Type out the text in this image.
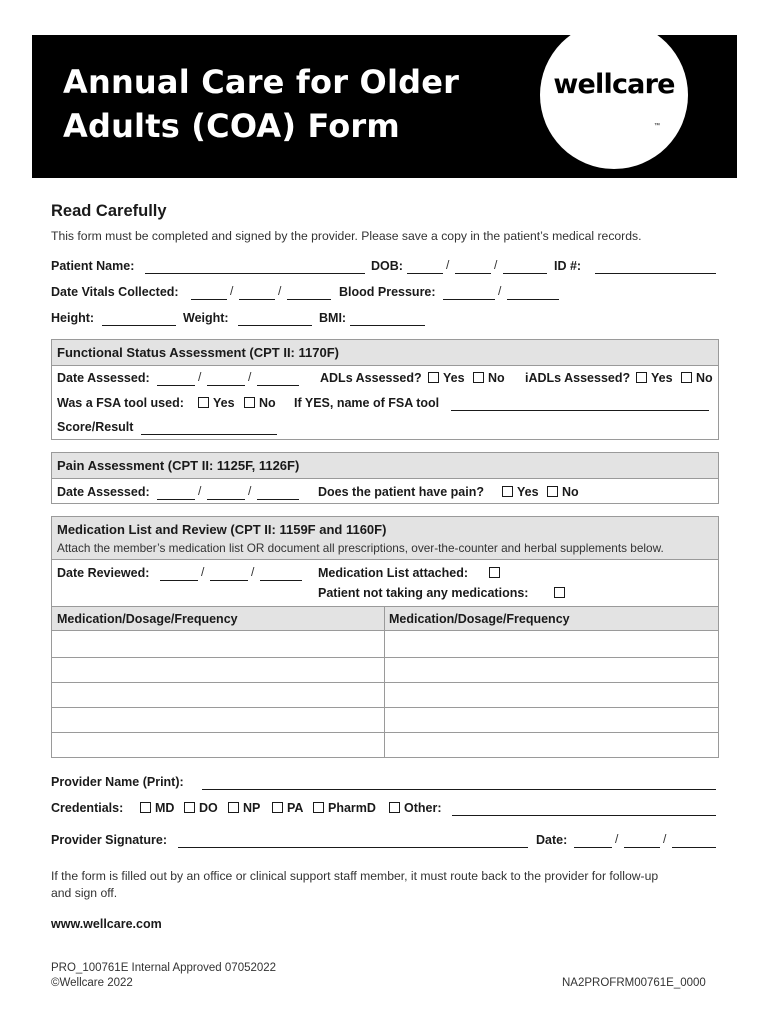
Annual Care for Older
Adults (COA) Form
wellcare
™
Read Carefully
This form must be completed and signed by the provider. Please save a copy in the patient’s medical records.
Patient Name:	DOB:	/	/	ID #:
Date Vitals Collected:	/	/	Blood Pressure:	/
Height:	Weight:	BMI:
Functional Status Assessment (CPT II: 1170F)
Date Assessed:	/	/	ADLs Assessed? Yes No iADLs Assessed? Yes No
Was a FSA tool used: Yes No If YES, name of FSA tool
Score/Result
Pain Assessment (CPT II: 1125F, 1126F)
Date Assessed:	/	/	Does the patient have pain?	Yes No
Medication List and Review (CPT II: 1159F and 1160F)
Attach the member’s medication list OR document all prescriptions, over-the-counter and herbal supplements below.
Date Reviewed:	/	/	Medication List attached:
Patient not taking any medications:
Medication/Dosage/Frequency	Medication/Dosage/Frequency
Provider Name (Print):
Credentials:	MD DO NP PA PharmD Other:
Provider Signature:	Date:	/	/
If the form is filled out by an office or clinical support staff member, it must route back to the provider for follow-up
and sign off.
www.wellcare.com
PRO_100761E Internal Approved 07052022
©Wellcare 2022	NA2PROFRM00761E_0000
